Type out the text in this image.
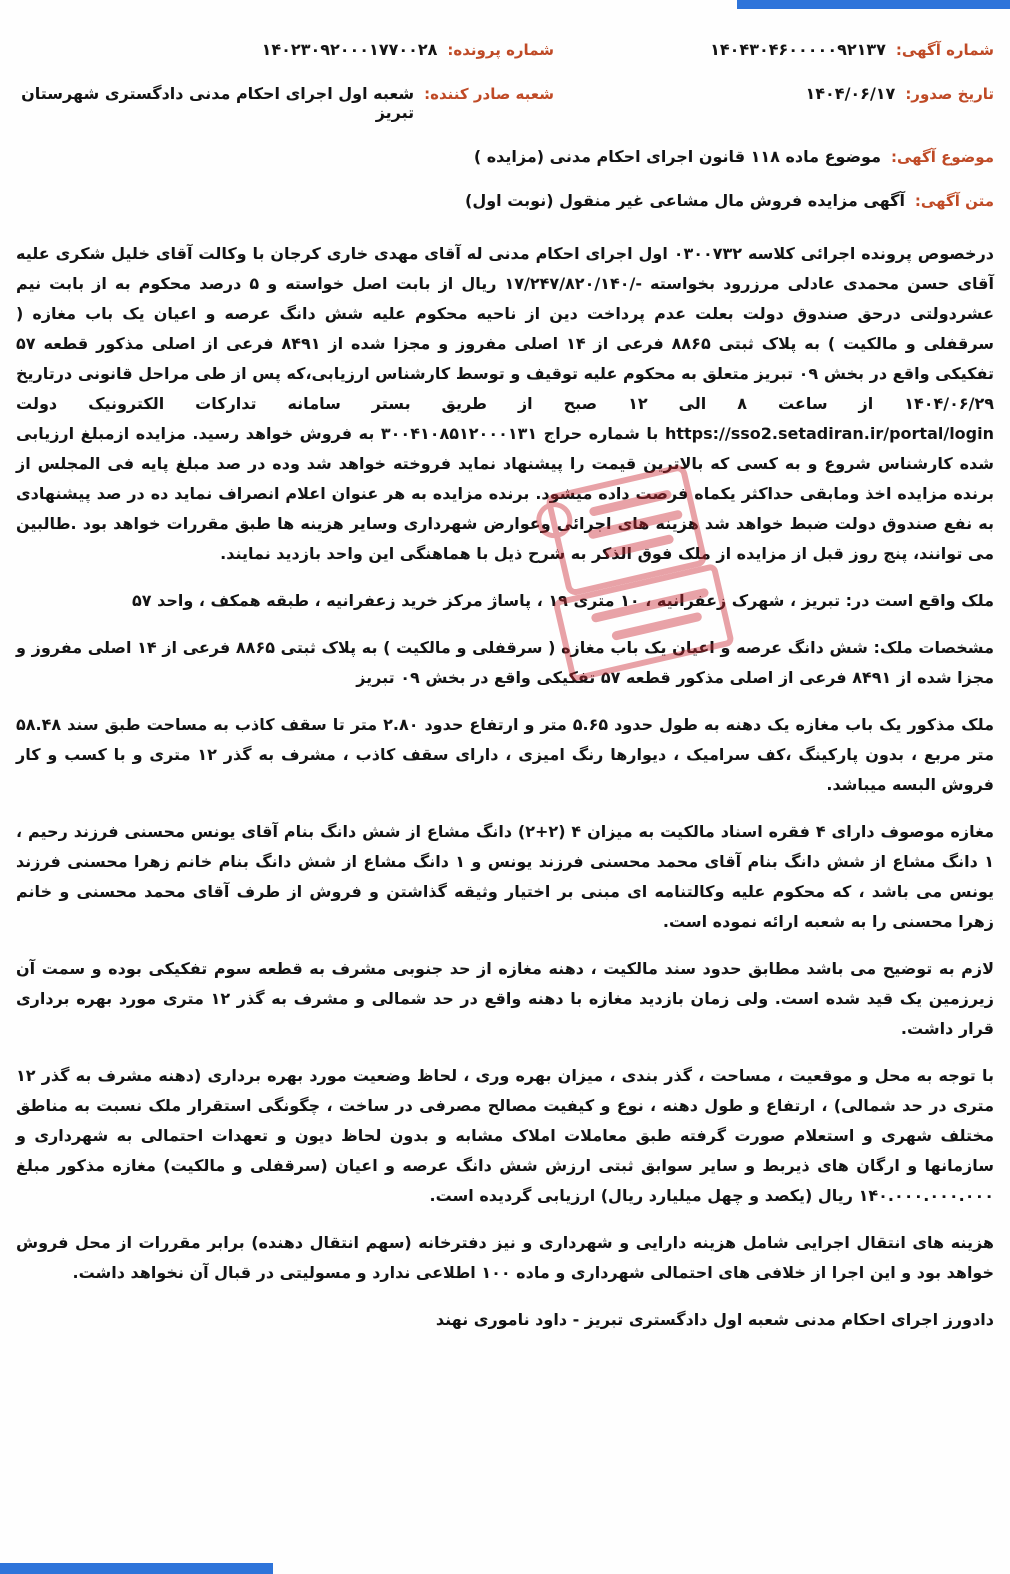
شماره آگهی:
۱۴۰۴۳۰۴۶۰۰۰۰۰۹۲۱۳۷
شماره پرونده:
۱۴۰۲۳۰۹۲۰۰۰۱۷۷۰۰۲۸
تاریخ صدور:
۱۴۰۴/۰۶/۱۷
شعبه صادر کننده:
شعبه اول اجرای احکام مدنی دادگستری شهرستان تبریز
موضوع آگهی:
موضوع ماده ۱۱۸ قانون اجرای احکام مدنی (مزایده )
متن آگهی:
آگهی مزایده فروش مال مشاعی غیر منقول (نوبت اول)

درخصوص پرونده اجرائی کلاسه ۰۳۰۰۷۳۲ اول اجرای احکام مدنی له آقای مهدی خاری کرجان با وکالت آقای خلیل شکری علیه آقای حسن محمدی عادلی مرزرود بخواسته -/۱۷/۲۴۷/۸۲۰/۱۴۰ ریال از بابت اصل خواسته و ۵ درصد محکوم به از بابت نیم عشردولتی درحق صندوق دولت بعلت عدم پرداخت دین از ناحیه محکوم علیه شش دانگ عرصه و اعیان یک باب مغازه ( سرقفلی و مالکیت ) به پلاک ثبتی ۸۸۶۵ فرعی از ۱۴ اصلی مفروز و مجزا شده از ۸۴۹۱ فرعی از اصلی مذکور قطعه ۵۷ تفکیکی واقع در بخش ۰۹ تبریز متعلق به محکوم علیه توقیف و توسط کارشناس ارزیابی،که پس از طی مراحل قانونی درتاریخ ۱۴۰۴/۰۶/۲۹ از ساعت ۸ الی ۱۲ صبح از طریق بستر سامانه تدارکات الکترونیک دولت https://sso2.setadiran.ir/portal/login با شماره حراج ۳۰۰۴۱۰۸۵۱۲۰۰۰۱۳۱ به فروش خواهد رسید. مزایده ازمبلغ ارزیابی شده کارشناس شروع و به کسی که بالاترین قیمت را پیشنهاد نماید فروخته خواهد شد وده در صد مبلغ پایه فی المجلس از برنده مزایده اخذ ومابقی حداکثر یکماه فرصت داده میشود. برنده مزایده به هر عنوان اعلام انصراف نماید ده در صد پیشنهادی به نفع صندوق دولت ضبط خواهد شد هزینه های اجرائی وعوارض شهرداری وسایر هزینه ها طبق مقررات خواهد بود .طالبین می توانند، پنج روز قبل از مزایده از ملک فوق الذکر به شرح ذیل با هماهنگی این واحد بازدید نمایند.

ملک واقع است در: تبریز ، شهرک زعفرانیه ، ۱۰ متری ۱۹ ، پاساژ مرکز خرید زعفرانیه ، طبقه همکف ، واحد ۵۷

مشخصات ملک: شش دانگ عرصه و اعیان یک باب مغازه ( سرقفلی و مالکیت ) به پلاک ثبتی ۸۸۶۵ فرعی از ۱۴ اصلی مفروز و مجزا شده از ۸۴۹۱ فرعی از اصلی مذکور قطعه ۵۷ تفکیکی واقع در بخش ۰۹ تبریز

ملک مذکور یک باب مغازه یک دهنه به طول حدود ۵.۶۵ متر و ارتفاع حدود ۲.۸۰ متر تا سقف کاذب به مساحت طبق سند ۵۸.۴۸ متر مربع ، بدون پارکینگ ،کف سرامیک ، دیوارها رنگ امیزی ، دارای سقف کاذب ، مشرف به گذر ۱۲ متری و با کسب و کار فروش البسه میباشد.

مغازه موصوف دارای ۴ فقره اسناد مالکیت به میزان ۴ (۲+۲) دانگ مشاع از شش دانگ بنام آقای یونس محسنی فرزند رحیم ، ۱ دانگ مشاع از شش دانگ بنام آقای محمد محسنی فرزند یونس و ۱ دانگ مشاع از شش دانگ بنام خانم زهرا محسنی فرزند یونس می باشد ، که محکوم علیه وکالتنامه ای مبنی بر اختیار وثیقه گذاشتن و فروش از طرف آقای محمد محسنی و خانم زهرا محسنی را به شعبه ارائه نموده است.

لازم به توضیح می باشد مطابق حدود سند مالکیت ، دهنه مغازه از حد جنوبی مشرف به قطعه سوم تفکیکی بوده و سمت آن زیرزمین یک قید شده است. ولی زمان بازدید مغازه با دهنه واقع در حد شمالی و مشرف به گذر ۱۲ متری مورد بهره برداری قرار داشت.

با توجه به محل و موقعیت ، مساحت ، گذر بندی ، میزان بهره وری ، لحاظ وضعیت مورد بهره برداری (دهنه مشرف به گذر ۱۲ متری در حد شمالی) ، ارتفاع و طول دهنه ، نوع و کیفیت مصالح مصرفی در ساخت ، چگونگی استقرار ملک نسبت به مناطق مختلف شهری و استعلام صورت گرفته طبق معاملات املاک مشابه و بدون لحاظ دیون و تعهدات احتمالی به شهرداری و سازمانها و ارگان های ذیربط و سایر سوابق ثبتی ارزش شش دانگ عرصه و اعیان (سرقفلی و مالکیت) مغازه مذکور مبلغ ۱۴۰.۰۰۰.۰۰۰.۰۰۰ ریال (یکصد و چهل میلیارد ریال) ارزیابی گردیده است.

هزینه های انتقال اجرایی شامل هزینه دارایی و شهرداری و نیز دفترخانه (سهم انتقال دهنده) برابر مقررات از محل فروش خواهد بود و این اجرا از خلافی های احتمالی شهرداری و ماده ۱۰۰ اطلاعی ندارد و مسولیتی در قبال آن نخواهد داشت.

دادورز اجرای احکام مدنی شعبه اول دادگستری تبریز - داود ناموری نهند
